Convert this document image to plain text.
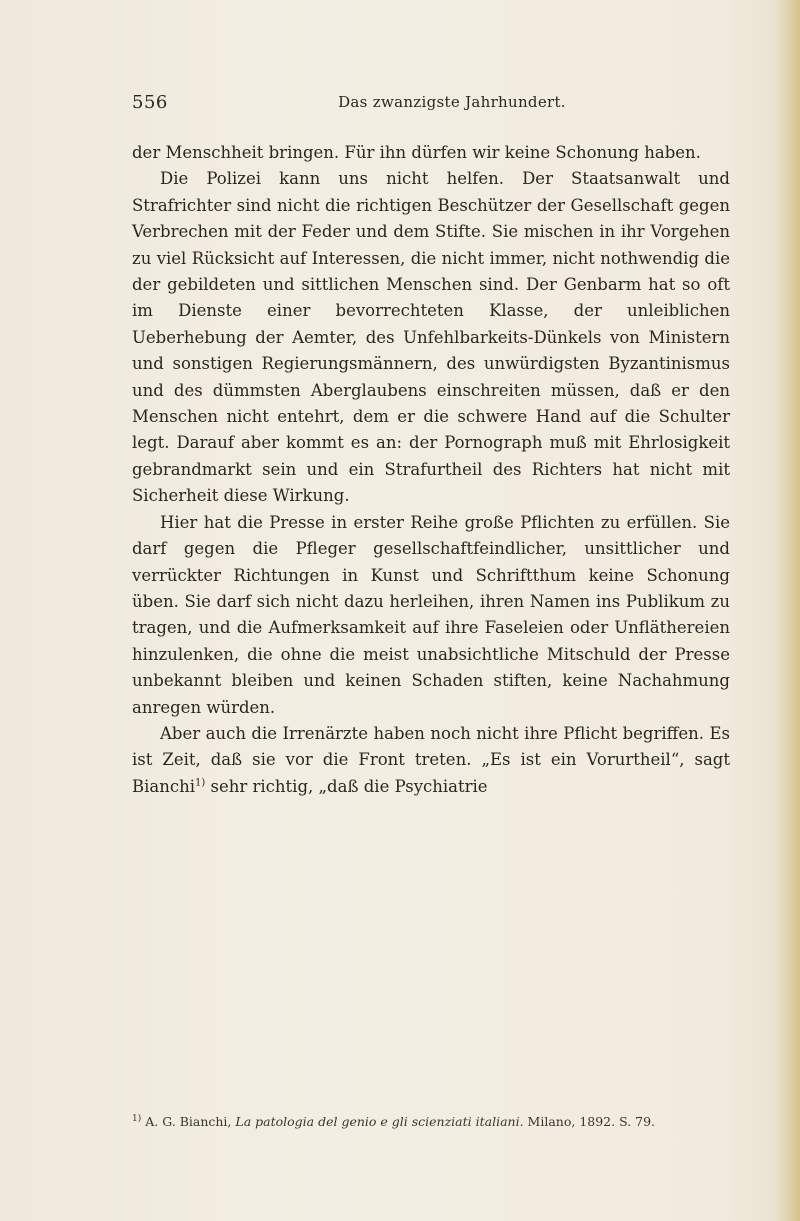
556	Das zwanzigste Jahrhundert.

der Menschheit bringen. Für ihn dürfen wir keine Schonung haben.

Die Polizei kann uns nicht helfen. Der Staatsanwalt und Strafrichter sind nicht die richtigen Beschützer der Gesellschaft gegen Verbrechen mit der Feder und dem Stifte. Sie mischen in ihr Vorgehen zu viel Rücksicht auf Interessen, die nicht immer, nicht nothwendig die der gebildeten und sittlichen Menschen sind. Der Genbarm hat so oft im Dienste einer bevorrechteten Klasse, der unleiblichen Ueberhebung der Aemter, des Unfehlbarkeits-Dünkels von Ministern und sonstigen Regierungsmännern, des unwürdigsten Byzantinismus und des dümmsten Aberglaubens einschreiten müssen, daß er den Menschen nicht entehrt, dem er die schwere Hand auf die Schulter legt. Darauf aber kommt es an: der Pornograph muß mit Ehrlosigkeit gebrandmarkt sein und ein Strafurtheil des Richters hat nicht mit Sicherheit diese Wirkung.

Hier hat die Presse in erster Reihe große Pflichten zu erfüllen. Sie darf gegen die Pfleger gesellschaftfeindlicher, unsittlicher und verrückter Richtungen in Kunst und Schriftthum keine Schonung üben. Sie darf sich nicht dazu herleihen, ihren Namen ins Publikum zu tragen, und die Aufmerksamkeit auf ihre Faseleien oder Unfläthereien hinzulenken, die ohne die meist unabsichtliche Mitschuld der Presse unbekannt bleiben und keinen Schaden stiften, keine Nachahmung anregen würden.

Aber auch die Irrenärzte haben noch nicht ihre Pflicht begriffen. Es ist Zeit, daß sie vor die Front treten. „Es ist ein Vorurtheil“, sagt Bianchi$^{1)}$ sehr richtig, „daß die Psychiatrie

$^{1)}$ A. G. Bianchi, La patologia del genio e gli scienziati italiani. Milano, 1892. S. 79.
